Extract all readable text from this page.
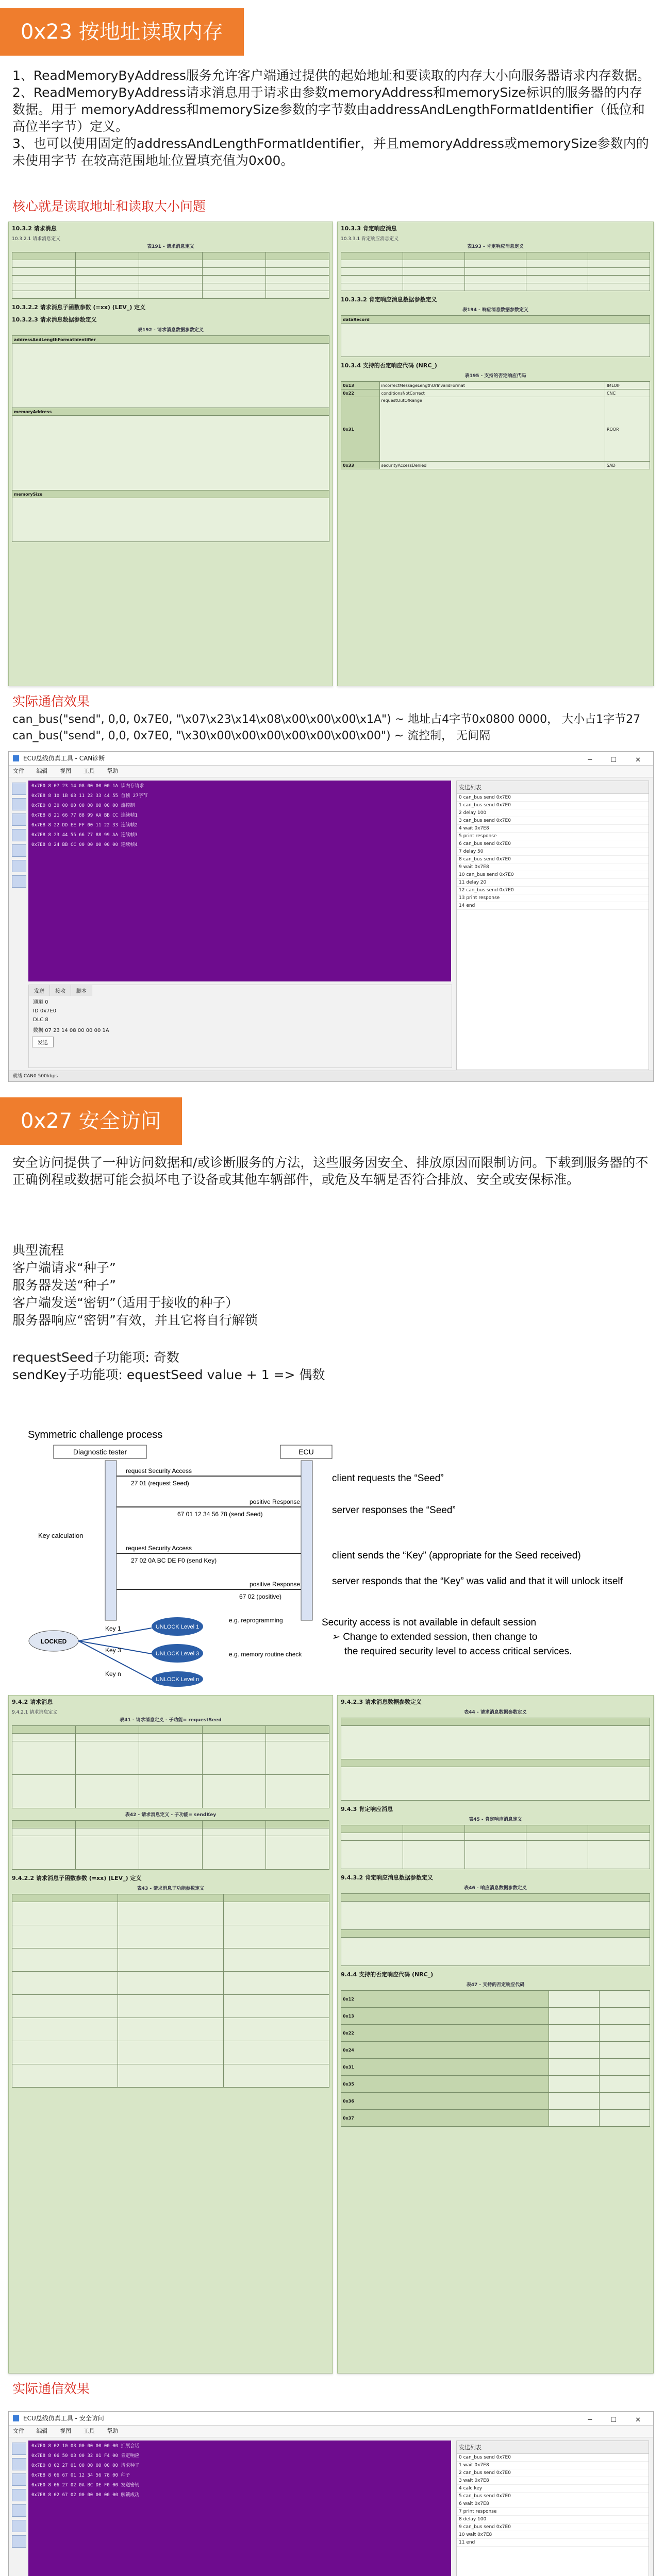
0x23 按地址读取内存
1、ReadMemoryByAddress服务允许客户端通过提供的起始地址和要读取的内存大小向服务器请求内存数据。
2、ReadMemoryByAddress请求消息用于请求由参数memoryAddress和memorySize标识的服务器的内存数据。用于 memoryAddress和memorySize参数的字节数由addressAndLengthFormatIdentifier（低位和高位半字节）定义。
3、也可以使用固定的addressAndLengthFormatIdentifier，并且memoryAddress或memorySize参数内的未使用字节 在较高范围地址位置填充值为0x00。
核心就是读取地址和读取大小问题
10.3.2 请求消息
10.3.2.1 请求消息定义
表191 - 请求消息定义

10.3.2.2 请求消息子函数参数 (=xx) (LEV_) 定义
10.3.2.3 请求消息数据参数定义
表192 - 请求消息数据参数定义
addressAndLengthFormatIdentifier

memoryAddress

memorySize

10.3.3 肯定响应消息
10.3.3.1 肯定响应消息定义
表193 - 肯定响应消息定义

10.3.3.2 肯定响应消息数据参数定义
表194 - 响应消息数据参数定义
dataRecord

10.3.4 支持的否定响应代码 (NRC_)
表195 - 支持的否定响应代码
0x13	incorrectMessageLengthOrInvalidFormat	IMLOIF
0x22	conditionsNotCorrect	CNC
0x31	requestOutOfRange	ROOR
0x33	securityAccessDenied	SAD
实际通信效果
can_bus("send", 0,0, 0x7E0, "\x07\x23\x14\x08\x00\x00\x00\x1A") ~ 地址占4字节0x0800 0000， 大小占1字节27
can_bus("send", 0,0, 0x7E0, "\x30\x00\x00\x00\x00\x00\x00\x00") ~ 流控制， 无间隔
ECU总线仿真工具 - CAN诊断	─ ☐ ✕
文件 编辑 视图 工具 帮助
0x7E0 8 07 23 14 08 00 00 00 1A 读内存请求
0x7E8 8 10 1B 63 11 22 33 44 55 首帧 27字节
0x7E0 8 30 00 00 00 00 00 00 00 流控制
0x7E8 8 21 66 77 88 99 AA BB CC 连续帧1
0x7E8 8 22 DD EE FF 00 11 22 33 连续帧2
0x7E8 8 23 44 55 66 77 88 99 AA 连续帧3
0x7E8 8 24 BB CC 00 00 00 00 00 连续帧4
发送列表
0 can_bus send 0x7E0
1 can_bus send 0x7E0
2 delay 100
3 can_bus send 0x7E0
4 wait 0x7E8
5 print response
6 can_bus send 0x7E0
7 delay 50
8 can_bus send 0x7E0
9 wait 0x7E8
10 can_bus send 0x7E0
11 delay 20
12 can_bus send 0x7E0
13 print response
14 end
发送 接收 脚本
通道 0
ID 0x7E0
DLC 8
数据 07 23 14 08 00 00 00 1A
发送
就绪 CAN0 500kbps
0x27 安全访问
安全访问提供了一种访问数据和/或诊断服务的方法，这些服务因安全、排放原因而限制访问。下载到服务器的不正确例程或数据可能会损坏电子设备或其他车辆部件，或危及车辆是否符合排放、安全或安保标准。
典型流程
客户端请求“种子”
服务器发送“种子”
客户端发送“密钥”（适用于接收的种子）
服务器响应“密钥”有效，并且它将自行解锁
requestSeed子功能项: 奇数
sendKey子功能项: equestSeed value + 1 => 偶数
Symmetric challenge process
Diagnostic tester	ECU
Key calculation
request Security Access
27 01 (request Seed)
positive Response
67 01 12 34 56 78 (send Seed)
request Security Access
27 02 0A BC DE F0 (send Key)
positive Response
67 02 (positive)
client requests the “Seed”
server responses the “Seed”
client sends the “Key” (appropriate for the Seed received)
server responds that the “Key” was valid and that it will unlock itself
LOCKED
Key 1
Key 3
Key n
UNLOCK Level 1
UNLOCK Level 3
UNLOCK Level n
e.g. reprogramming
e.g. memory routine check
Security access is not available in default session
➢ Change to extended session, then change to
the required security level to access critical services.
9.4.2 请求消息
9.4.2.1 请求消息定义
表41 - 请求消息定义 - 子功能= requestSeed

表42 - 请求消息定义 - 子功能= sendKey

9.4.2.2 请求消息子函数参数 (=xx) (LEV_) 定义
表43 - 请求消息子功能参数定义

9.4.2.3 请求消息数据参数定义
表44 - 请求消息数据参数定义

9.4.3 肯定响应消息
表45 - 肯定响应消息定义

9.4.3.2 肯定响应消息数据参数定义
表46 - 响应消息数据参数定义

9.4.4 支持的否定响应代码 (NRC_)
表47 - 支持的否定响应代码
0x12		
0x13		
0x22		
0x24		
0x31		
0x35		
0x36		
0x37		
实际通信效果
ECU总线仿真工具 - 安全访问	─ ☐ ✕
文件 编辑 视图 工具 帮助
0x7E0 8 02 10 03 00 00 00 00 00 扩展会话
0x7E8 8 06 50 03 00 32 01 F4 00 肯定响应
0x7E0 8 02 27 01 00 00 00 00 00 请求种子
0x7E8 8 06 67 01 12 34 56 78 00 种子
0x7E0 8 06 27 02 0A BC DE F0 00 发送密钥
0x7E8 8 02 67 02 00 00 00 00 00 解锁成功
发送列表
0 can_bus send 0x7E0
1 wait 0x7E8
2 can_bus send 0x7E0
3 wait 0x7E8
4 calc key
5 can_bus send 0x7E0
6 wait 0x7E8
7 print response
8 delay 100
9 can_bus send 0x7E0
10 wait 0x7E8
11 end
